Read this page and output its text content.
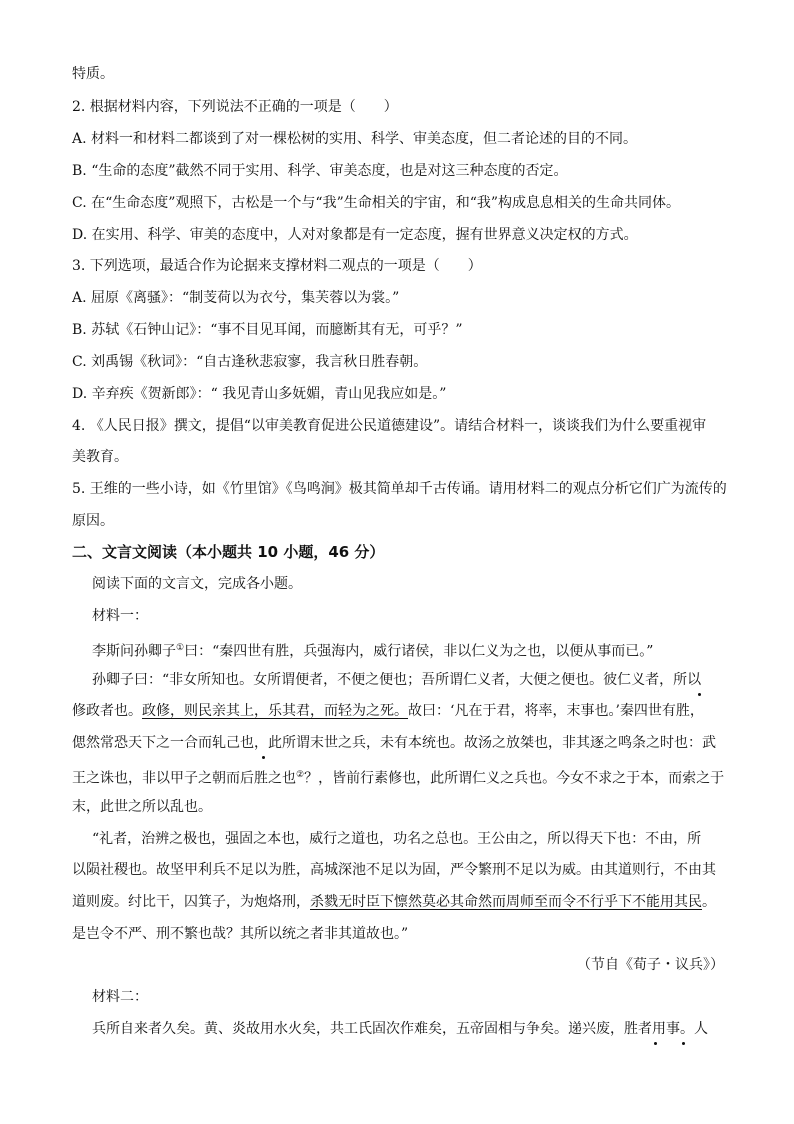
特质。
2. 根据材料内容，下列说法不正确的一项是（　　）
A. 材料一和材料二都谈到了对一棵松树的实用、科学、审美态度，但二者论述的目的不同。
B. “生命的态度”截然不同于实用、科学、审美态度，也是对这三种态度的否定。
C. 在“生命态度”观照下，古松是一个与“我”生命相关的宇宙，和“我”构成息息相关的生命共同体。
D. 在实用、科学、审美的态度中，人对对象都是有一定态度，握有世界意义决定权的方式。
3. 下列选项，最适合作为论据来支撑材料二观点的一项是（　　）
A. 屈原《离骚》：“制芰荷以为衣兮，集芙蓉以为裳。”
B. 苏轼《石钟山记》：“事不目见耳闻，而臆断其有无，可乎？”
C. 刘禹锡《秋词》：“自古逢秋悲寂寥，我言秋日胜春朝。
D. 辛弃疾《贺新郎》：“ 我见青山多妩媚，青山见我应如是。”
4. 《人民日报》撰文，提倡“以审美教育促进公民道德建设”。请结合材料一，谈谈我们为什么要重视审
美教育。
5. 王维的一些小诗，如《竹里馆》《鸟鸣涧》极其简单却千古传诵。请用材料二的观点分析它们广为流传的
原因。
二、文言文阅读（本小题共 10 小题，46 分）
阅读下面的文言文，完成各小题。
材料一：
李斯问孙卿子①曰：“秦四世有胜，兵强海内，威行诸侯，非以仁义为之也，以便从事而已。”
孙卿子曰：“非女所知也。女所谓便者，不便之便也；吾所谓仁义者，大便之便也。彼仁义者，所以
修政者也。政修，则民亲其上，乐其君，而轻为之死。故曰：‘凡在于君，将率，末事也。’秦四世有胜，
偲然常恐天下之一合而轧己也，此所谓末世之兵，未有本统也。故汤之放桀也，非其逐之鸣条之时也：武
王之诛也，非以甲子之朝而后胜之也②？，皆前行素修也，此所谓仁义之兵也。今女不求之于本，而索之于
末，此世之所以乱也。
“礼者，治辨之极也，强固之本也，威行之道也，功名之总也。王公由之，所以得天下也：不由，所
以陨社稷也。故坚甲利兵不足以为胜，高城深池不足以为固，严令繁刑不足以为威。由其道则行，不由其
道则废。纣比干，囚箕子，为炮烙刑，杀戮无时臣下懔然莫必其命然而周师至而令不行乎下不能用其民。
是岂令不严、刑不繁也哉？其所以统之者非其道故也。”
（节自《荀子・议兵》）
材料二：
兵所自来者久矣。黄、炎故用水火矣，共工氏固次作难矣，五帝固相与争矣。递兴废，胜者用事。人
